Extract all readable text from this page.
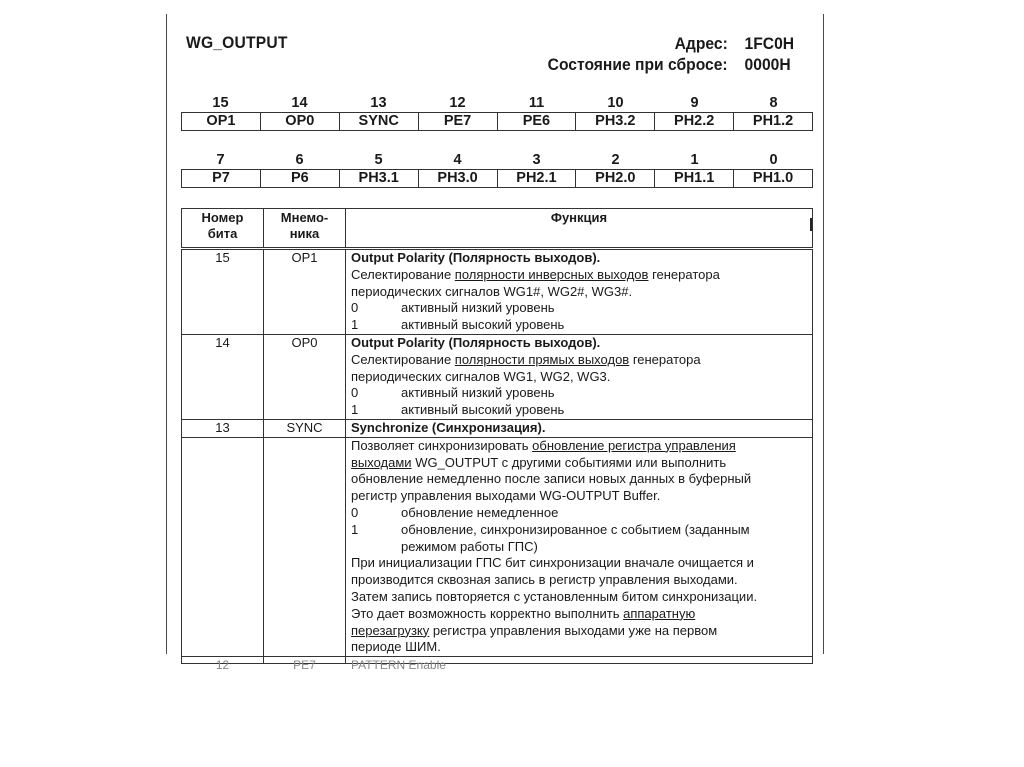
WG_OUTPUT	Адрес: 1FC0H
Состояние при сбросе: 0000H
15	14	13	12	11	10	9	8
OP1	OP0	SYNC	PE7	PE6	PH3.2	PH2.2	PH1.2
7	6	5	4	3	2	1	0
P7	P6	PH3.1	PH3.0	PH2.1	PH2.0	PH1.1	PH1.0
Номер
бита

Мнемо-
ника

Функция

15	OP1	Output Polarity (Полярность выходов).
Селектирование полярности инверсных выходов генератора
периодических сигналов WG1#, WG2#, WG3#.
0	активный низкий уровень
1	активный высокий уровень

14	OP0	Output Polarity (Полярность выходов).
Селектирование полярности прямых выходов генератора
периодических сигналов WG1, WG2, WG3.
0	активный низкий уровень
1	активный высокий уровень

13	SYNC	Synchronize (Синхронизация).

Позволяет синхронизировать обновление регистра управления
выходами WG_OUTPUT с другими событиями или выполнить
обновление немедленно после записи новых данных в буферный
регистр управления выходами WG-OUTPUT Buffer.
0	обновление немедленное
1	обновление, синхронизированное с событием (заданным
режимом работы ГПС)
При инициализации ГПС бит синхронизации вначале очищается и
производится сквозная запись в регистр управления выходами.
Затем запись повторяется с установленным битом синхронизации.
Это дает возможность корректно выполнить аппаратную
перезагрузку регистра управления выходами уже на первом
периоде ШИМ.

12	PE7	PATTERN Enable
